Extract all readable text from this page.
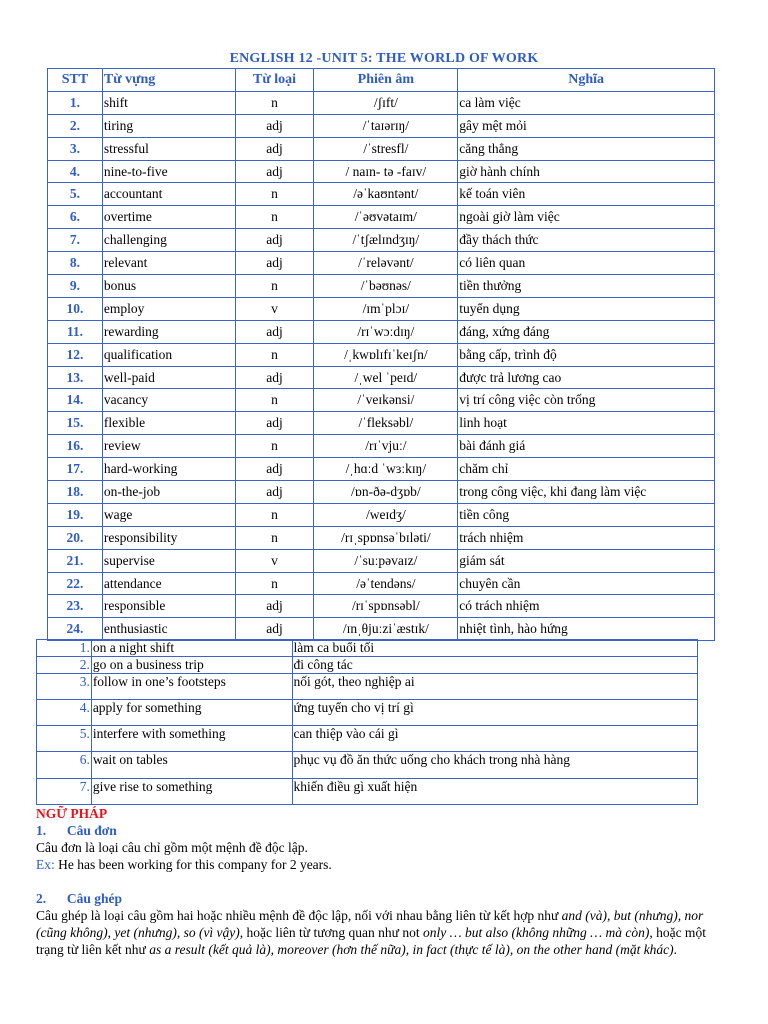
ENGLISH 12 -UNIT 5: THE WORLD OF WORK
STT	Từ vựng	Từ loại	Phiên âm	Nghĩa
1.	shift	n	/ʃɪft/	ca làm việc
2.	tiring	adj	/ˈtaɪərɪŋ/	gây mệt mỏi
3.	stressful	adj	/ˈstresfl/	căng thẳng
4.	nine-to-five	adj	/ naɪn- tə -faɪv/	giờ hành chính
5.	accountant	n	/əˈkaʊntənt/	kế toán viên
6.	overtime	n	/ˈəʊvətaɪm/	ngoài giờ làm việc
7.	challenging	adj	/ˈtʃælɪndʒɪŋ/	đầy thách thức
8.	relevant	adj	/ˈreləvənt/	có liên quan
9.	bonus	n	/ˈbəʊnəs/	tiền thưởng
10.	employ	v	/ɪmˈplɔɪ/	tuyển dụng
11.	rewarding	adj	/rɪˈwɔːdɪŋ/	đáng, xứng đáng
12.	qualification	n	/ˌkwɒlɪfɪˈkeɪʃn/	bằng cấp, trình độ
13.	well-paid	adj	/ˌwel ˈpeɪd/	được trả lương cao
14.	vacancy	n	/ˈveɪkənsi/	vị trí công việc còn trống
15.	flexible	adj	/ˈfleksəbl/	linh hoạt
16.	review	n	/rɪˈvjuː/	bài đánh giá
17.	hard-working	adj	/ˌhɑːd ˈwɜːkɪŋ/	chăm chỉ
18.	on-the-job	adj	/ɒn-ðə-dʒɒb/	trong công việc, khi đang làm việc
19.	wage	n	/weɪdʒ/	tiền công
20.	responsibility	n	/rɪˌspɒnsəˈbɪləti/	trách nhiệm
21.	supervise	v	/ˈsuːpəvaɪz/	giám sát
22.	attendance	n	/əˈtendəns/	chuyên cần
23.	responsible	adj	/rɪˈspɒnsəbl/	có trách nhiệm
24.	enthusiastic	adj	/ɪnˌθjuːziˈæstɪk/	nhiệt tình, hào hứng
1.	on a night shift	làm ca buổi tối
2.	go on a business trip	đi công tác
3.	follow in one’s footsteps	nối gót, theo nghiệp ai
4.	apply for something	ứng tuyển cho vị trí gì
5.	interfere with something	can thiệp vào cái gì
6.	wait on tables	phục vụ đồ ăn thức uống cho khách trong nhà hàng
7.	give rise to something	khiến điều gì xuất hiện

NGỮ PHÁP

1. Câu đơn

Câu đơn là loại câu chỉ gồm một mệnh đề độc lập.

Ex: He has been working for this company for 2 years.

2. Câu ghép

Câu ghép là loại câu gồm hai hoặc nhiều mệnh đề độc lập, nối với nhau bằng liên từ kết hợp như and (và), but (nhưng), nor (cũng không), yet (nhưng), so (vì vậy), hoặc liên từ tương quan như not only … but also (không những … mà còn), hoặc một trạng từ liên kết như as a result (kết quả là), moreover (hơn thế nữa), in fact (thực tế là), on the other hand (mặt khác).
